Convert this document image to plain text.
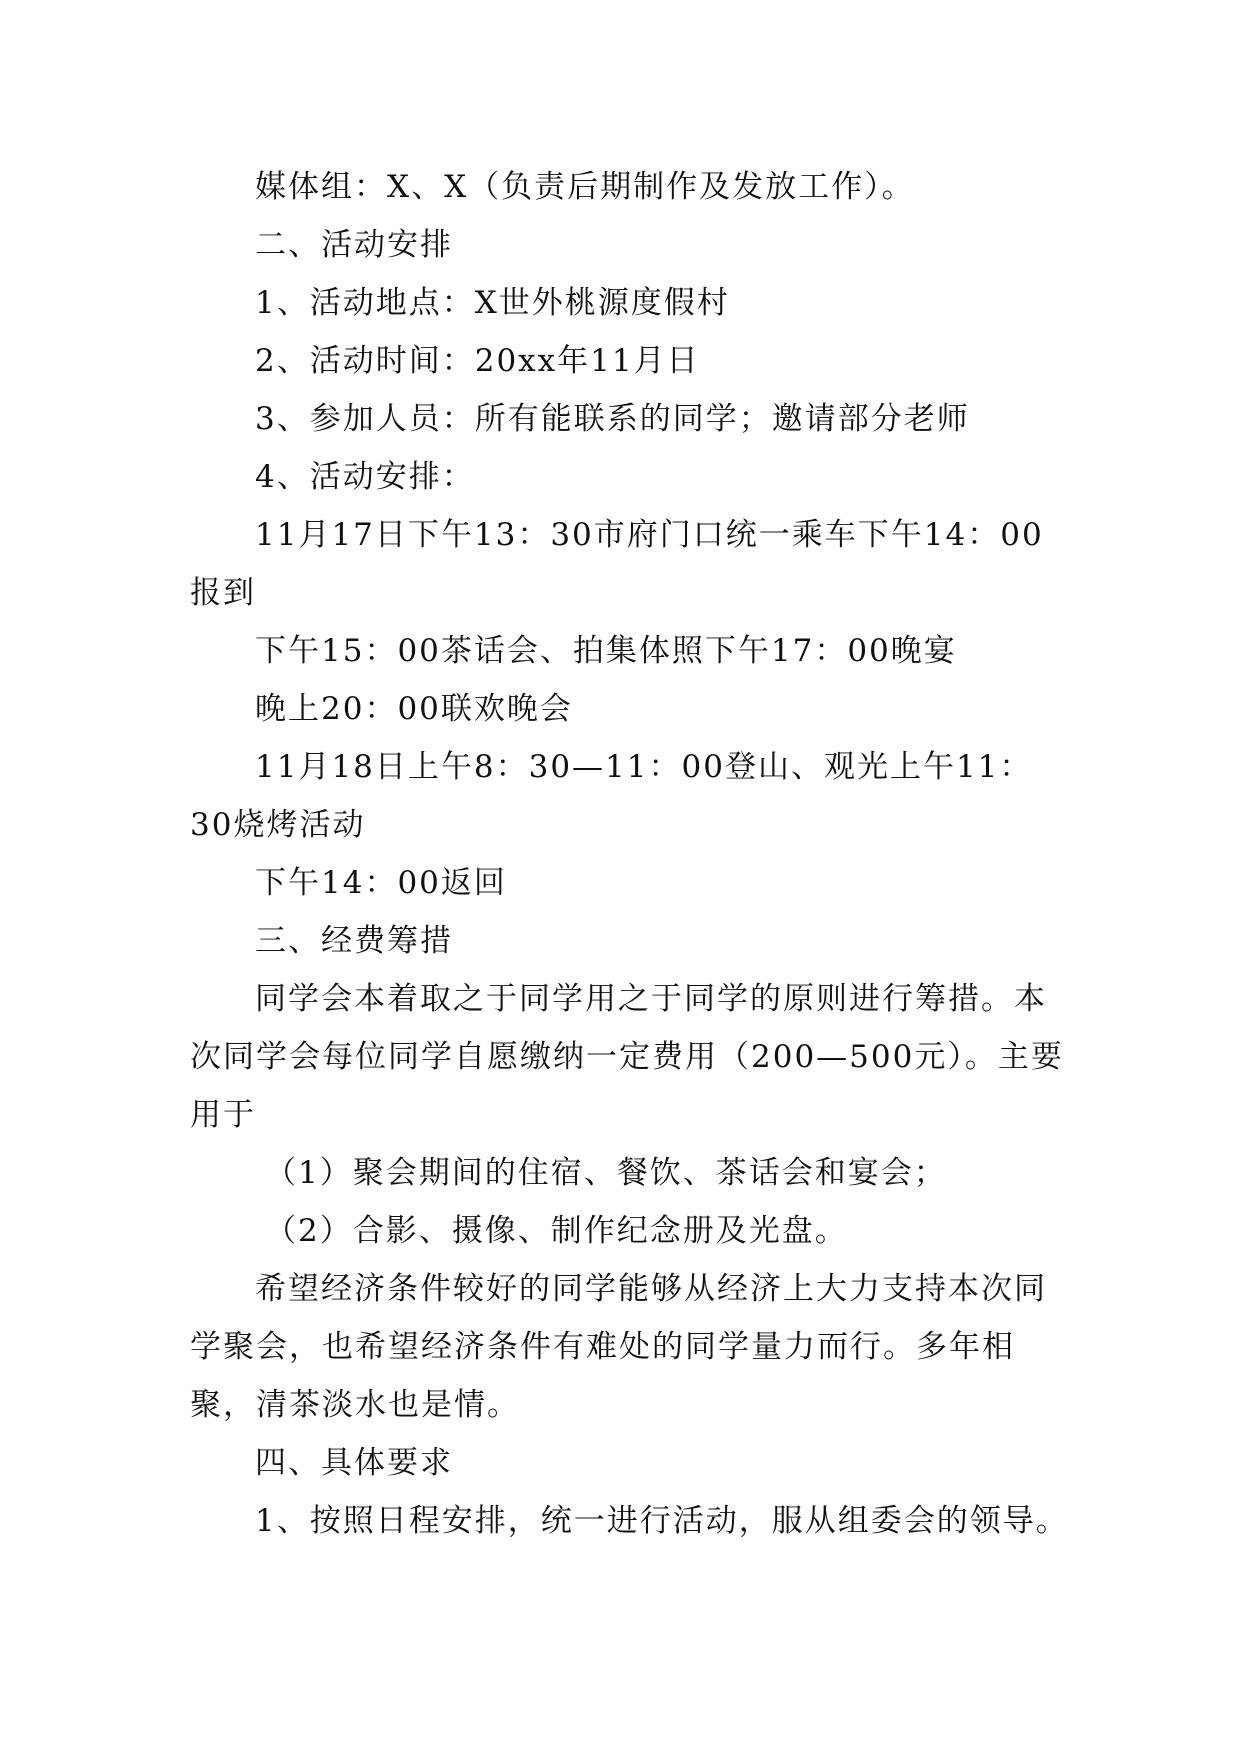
媒体组：X、X（负责后期制作及发放工作）。

二、活动安排

1、活动地点：X世外桃源度假村

2、活动时间：20xx年11月日

3、参加人员：所有能联系的同学；邀请部分老师

4、活动安排：

11月17日下午13：30市府门口统一乘车下午14：00报到

下午15：00茶话会、拍集体照下午17：00晚宴

晚上20：00联欢晚会

11月18日上午8：30—11：00登山、观光上午11：30烧烤活动

下午14：00返回

三、经费筹措

同学会本着取之于同学用之于同学的原则进行筹措。本次同学会每位同学自愿缴纳一定费用（200—500元）。主要用于

（1）聚会期间的住宿、餐饮、茶话会和宴会；

（2）合影、摄像、制作纪念册及光盘。

希望经济条件较好的同学能够从经济上大力支持本次同学聚会，也希望经济条件有难处的同学量力而行。多年相聚，清茶淡水也是情。

四、具体要求

1、按照日程安排，统一进行活动，服从组委会的领导。
